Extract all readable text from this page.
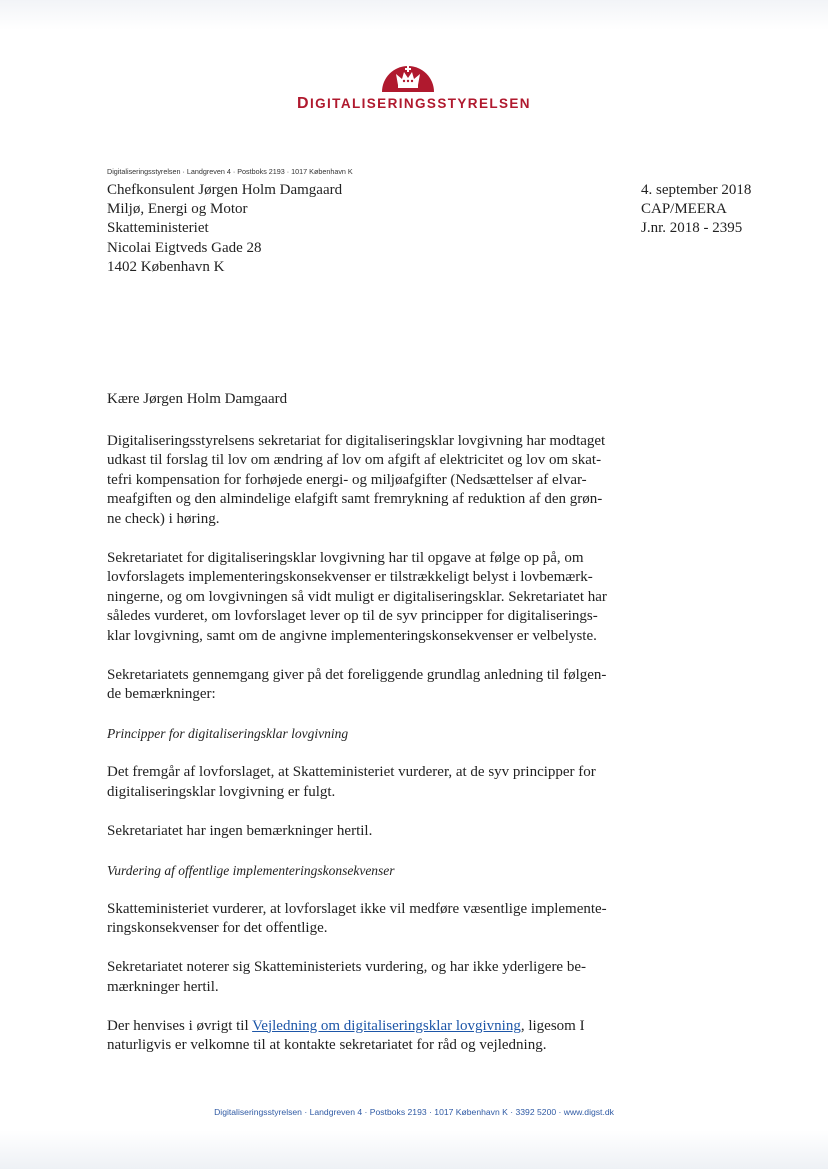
DIGITALISERINGSSTYRELSEN
Digitaliseringsstyrelsen · Landgreven 4 · Postboks 2193 · 1017 København K
Chefkonsulent Jørgen Holm Damgaard
Miljø, Energi og Motor
Skatteministeriet
Nicolai Eigtveds Gade 28
1402 København K
4. september 2018
CAP/MEERA
J.nr. 2018 - 2395

Kære Jørgen Holm Damgaard

Digitaliseringsstyrelsens sekretariat for digitaliseringsklar lovgivning har modtaget

udkast til forslag til lov om ændring af lov om afgift af elektricitet og lov om skat-

tefri kompensation for forhøjede energi- og miljøafgifter (Nedsættelser af elvar-

meafgiften og den almindelige elafgift samt fremrykning af reduktion af den grøn-

ne check) i høring.

Sekretariatet for digitaliseringsklar lovgivning har til opgave at følge op på, om

lovforslagets implementeringskonsekvenser er tilstrækkeligt belyst i lovbemærk-

ningerne, og om lovgivningen så vidt muligt er digitaliseringsklar. Sekretariatet har

således vurderet, om lovforslaget lever op til de syv principper for digitaliserings-

klar lovgivning, samt om de angivne implementeringskonsekvenser er velbelyste.

Sekretariatets gennemgang giver på det foreliggende grundlag anledning til følgen-

de bemærkninger:

Principper for digitaliseringsklar lovgivning

Det fremgår af lovforslaget, at Skatteministeriet vurderer, at de syv principper for

digitaliseringsklar lovgivning er fulgt.

Sekretariatet har ingen bemærkninger hertil.

Vurdering af offentlige implementeringskonsekvenser

Skatteministeriet vurderer, at lovforslaget ikke vil medføre væsentlige implemente-

ringskonsekvenser for det offentlige.

Sekretariatet noterer sig Skatteministeriets vurdering, og har ikke yderligere be-

mærkninger hertil.

Der henvises i øvrigt til Vejledning om digitaliseringsklar lovgivning, ligesom I

naturligvis er velkomne til at kontakte sekretariatet for råd og vejledning.

Digitaliseringsstyrelsen · Landgreven 4 · Postboks 2193 · 1017 København K · 3392 5200 · www.digst.dk
